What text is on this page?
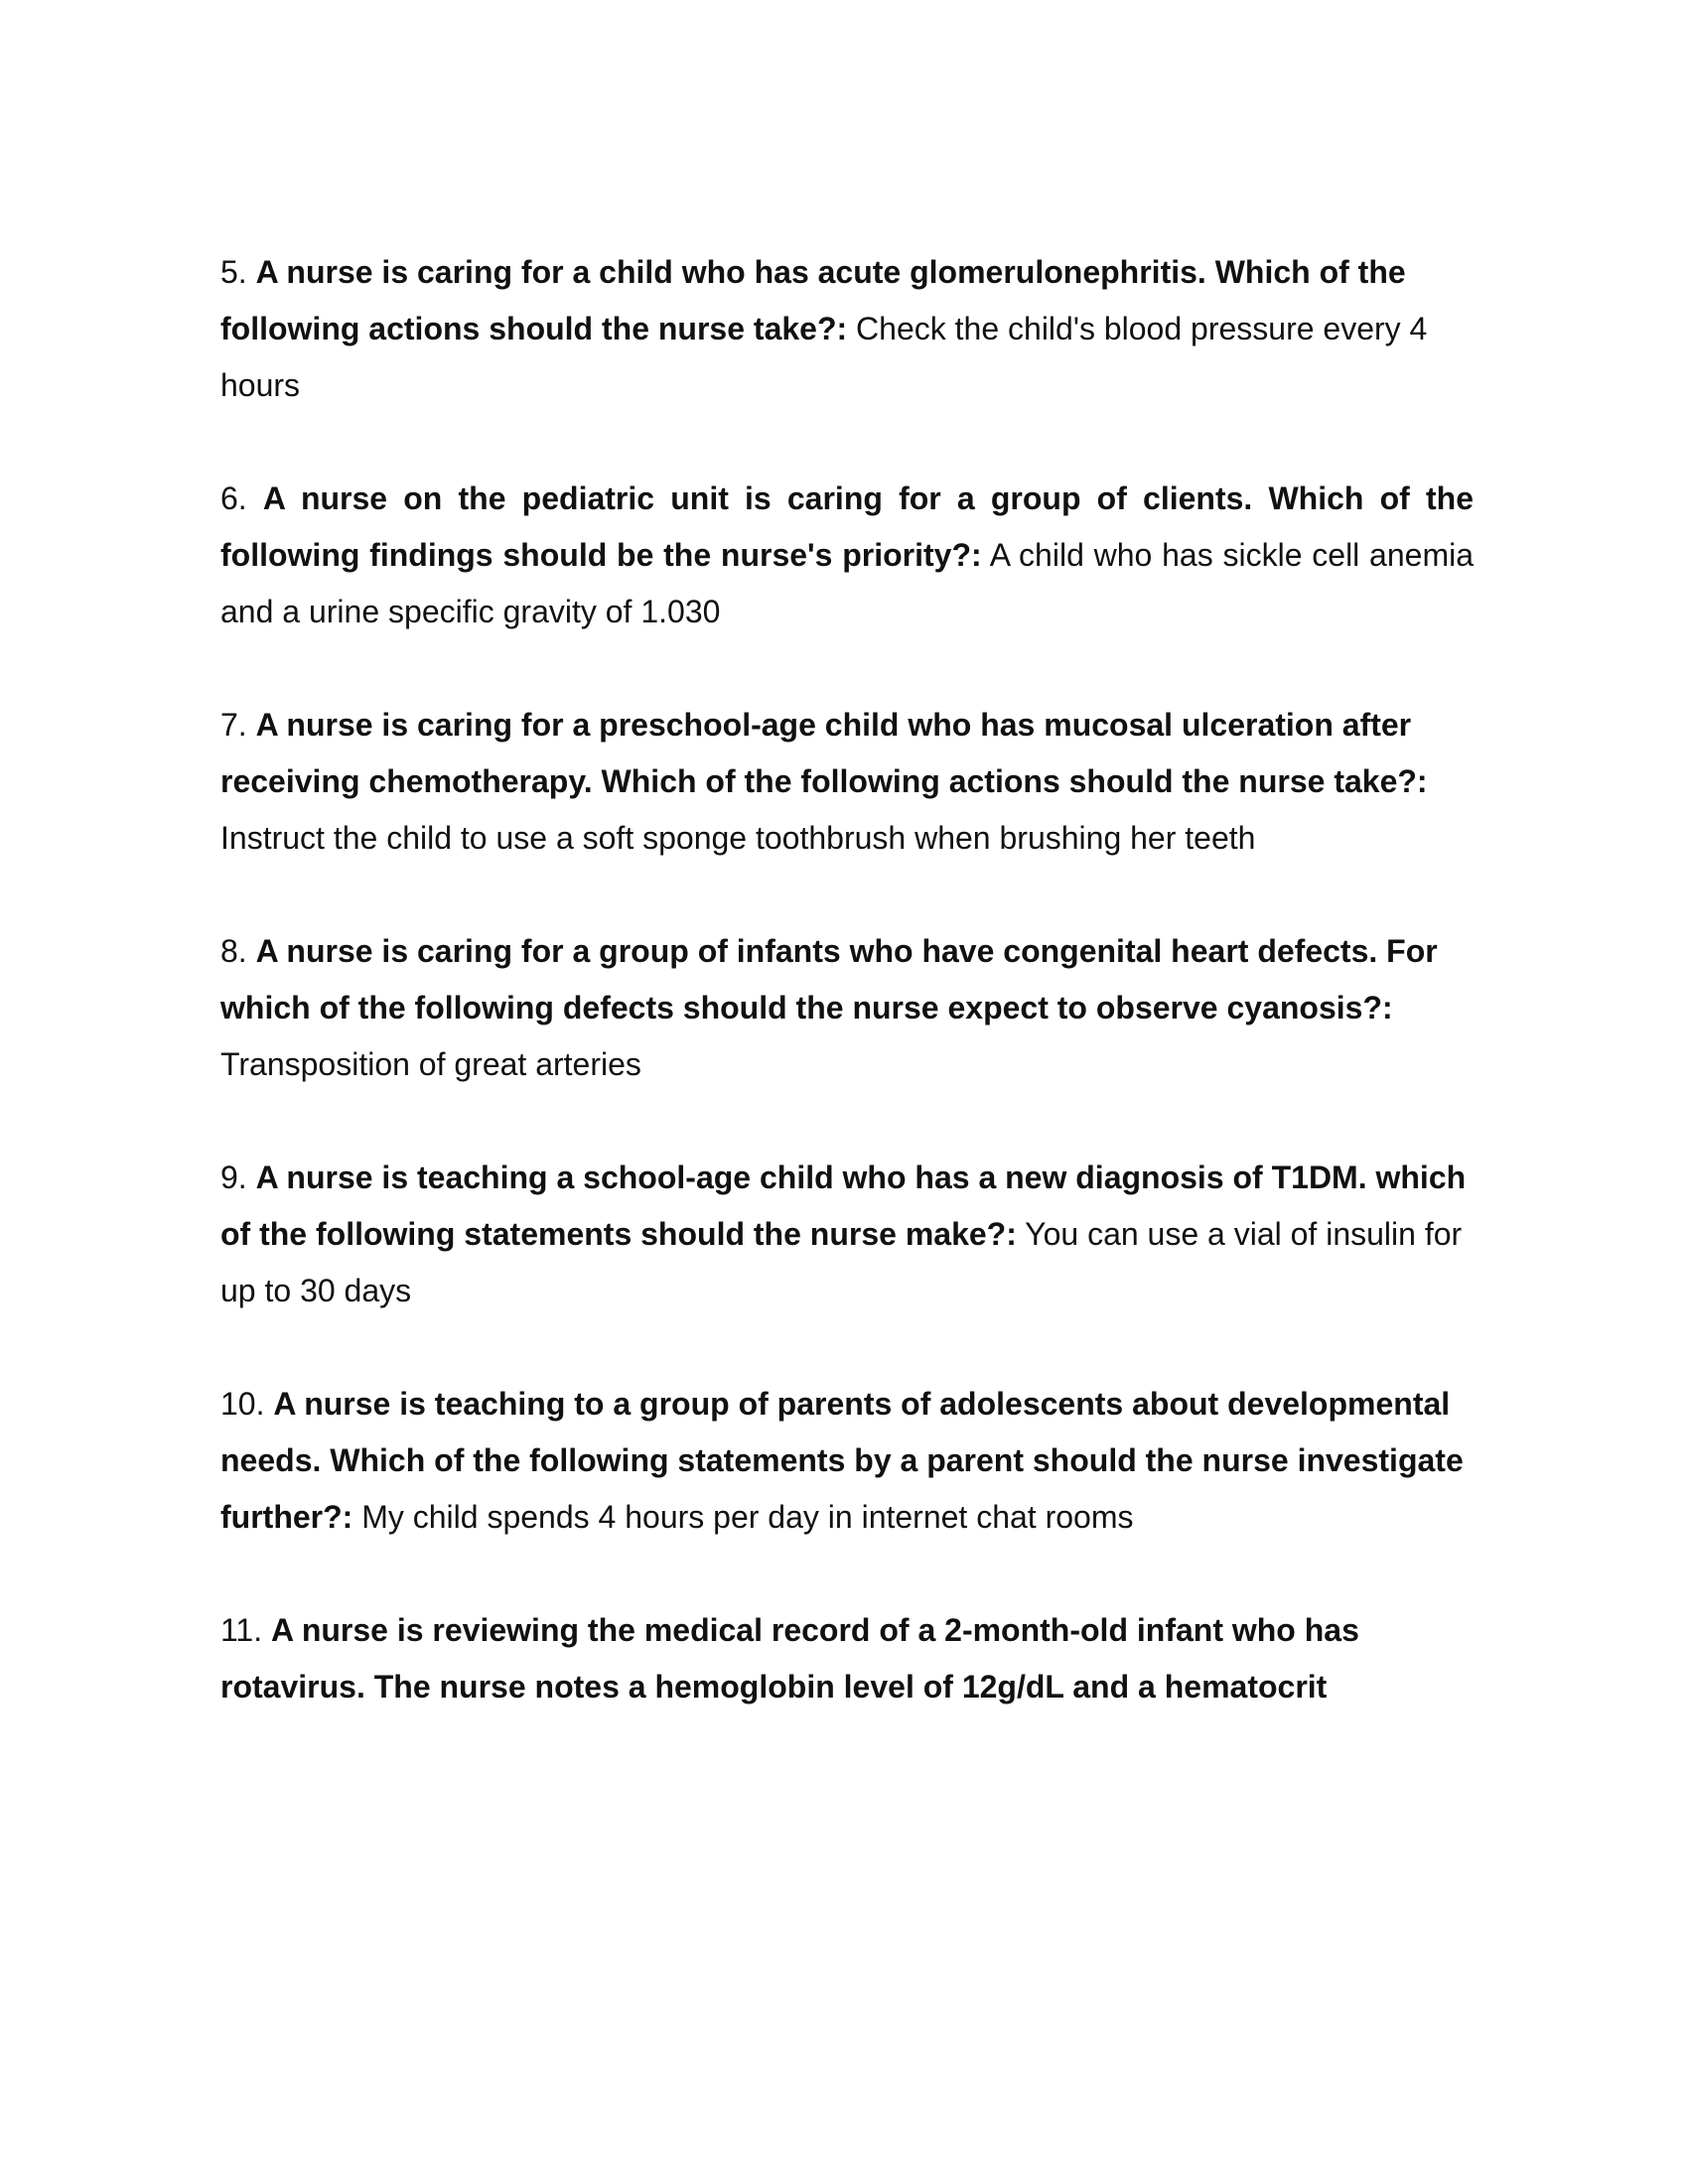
5. A nurse is caring for a child who has acute glomerulonephritis. Which of the following actions should the nurse take?: Check the child's blood pressure every 4 hours

6. A nurse on the pediatric unit is caring for a group of clients. Which of the following findings should be the nurse's priority?: A child who has sickle cell anemia and a urine specific gravity of 1.030

7. A nurse is caring for a preschool-age child who has mucosal ulceration after receiving chemotherapy. Which of the following actions should the nurse take?: Instruct the child to use a soft sponge toothbrush when brushing her teeth

8. A nurse is caring for a group of infants who have congenital heart defects. For which of the following defects should the nurse expect to observe cyanosis?: Transposition of great arteries

9. A nurse is teaching a school-age child who has a new diagnosis of T1DM. which of the following statements should the nurse make?: You can use a vial of insulin for up to 30 days

10. A nurse is teaching to a group of parents of adolescents about developmental needs. Which of the following statements by a parent should the nurse investigate further?: My child spends 4 hours per day in internet chat rooms

11. A nurse is reviewing the medical record of a 2-month-old infant who has rotavirus. The nurse notes a hemoglobin level of 12g/dL and a hematocrit
